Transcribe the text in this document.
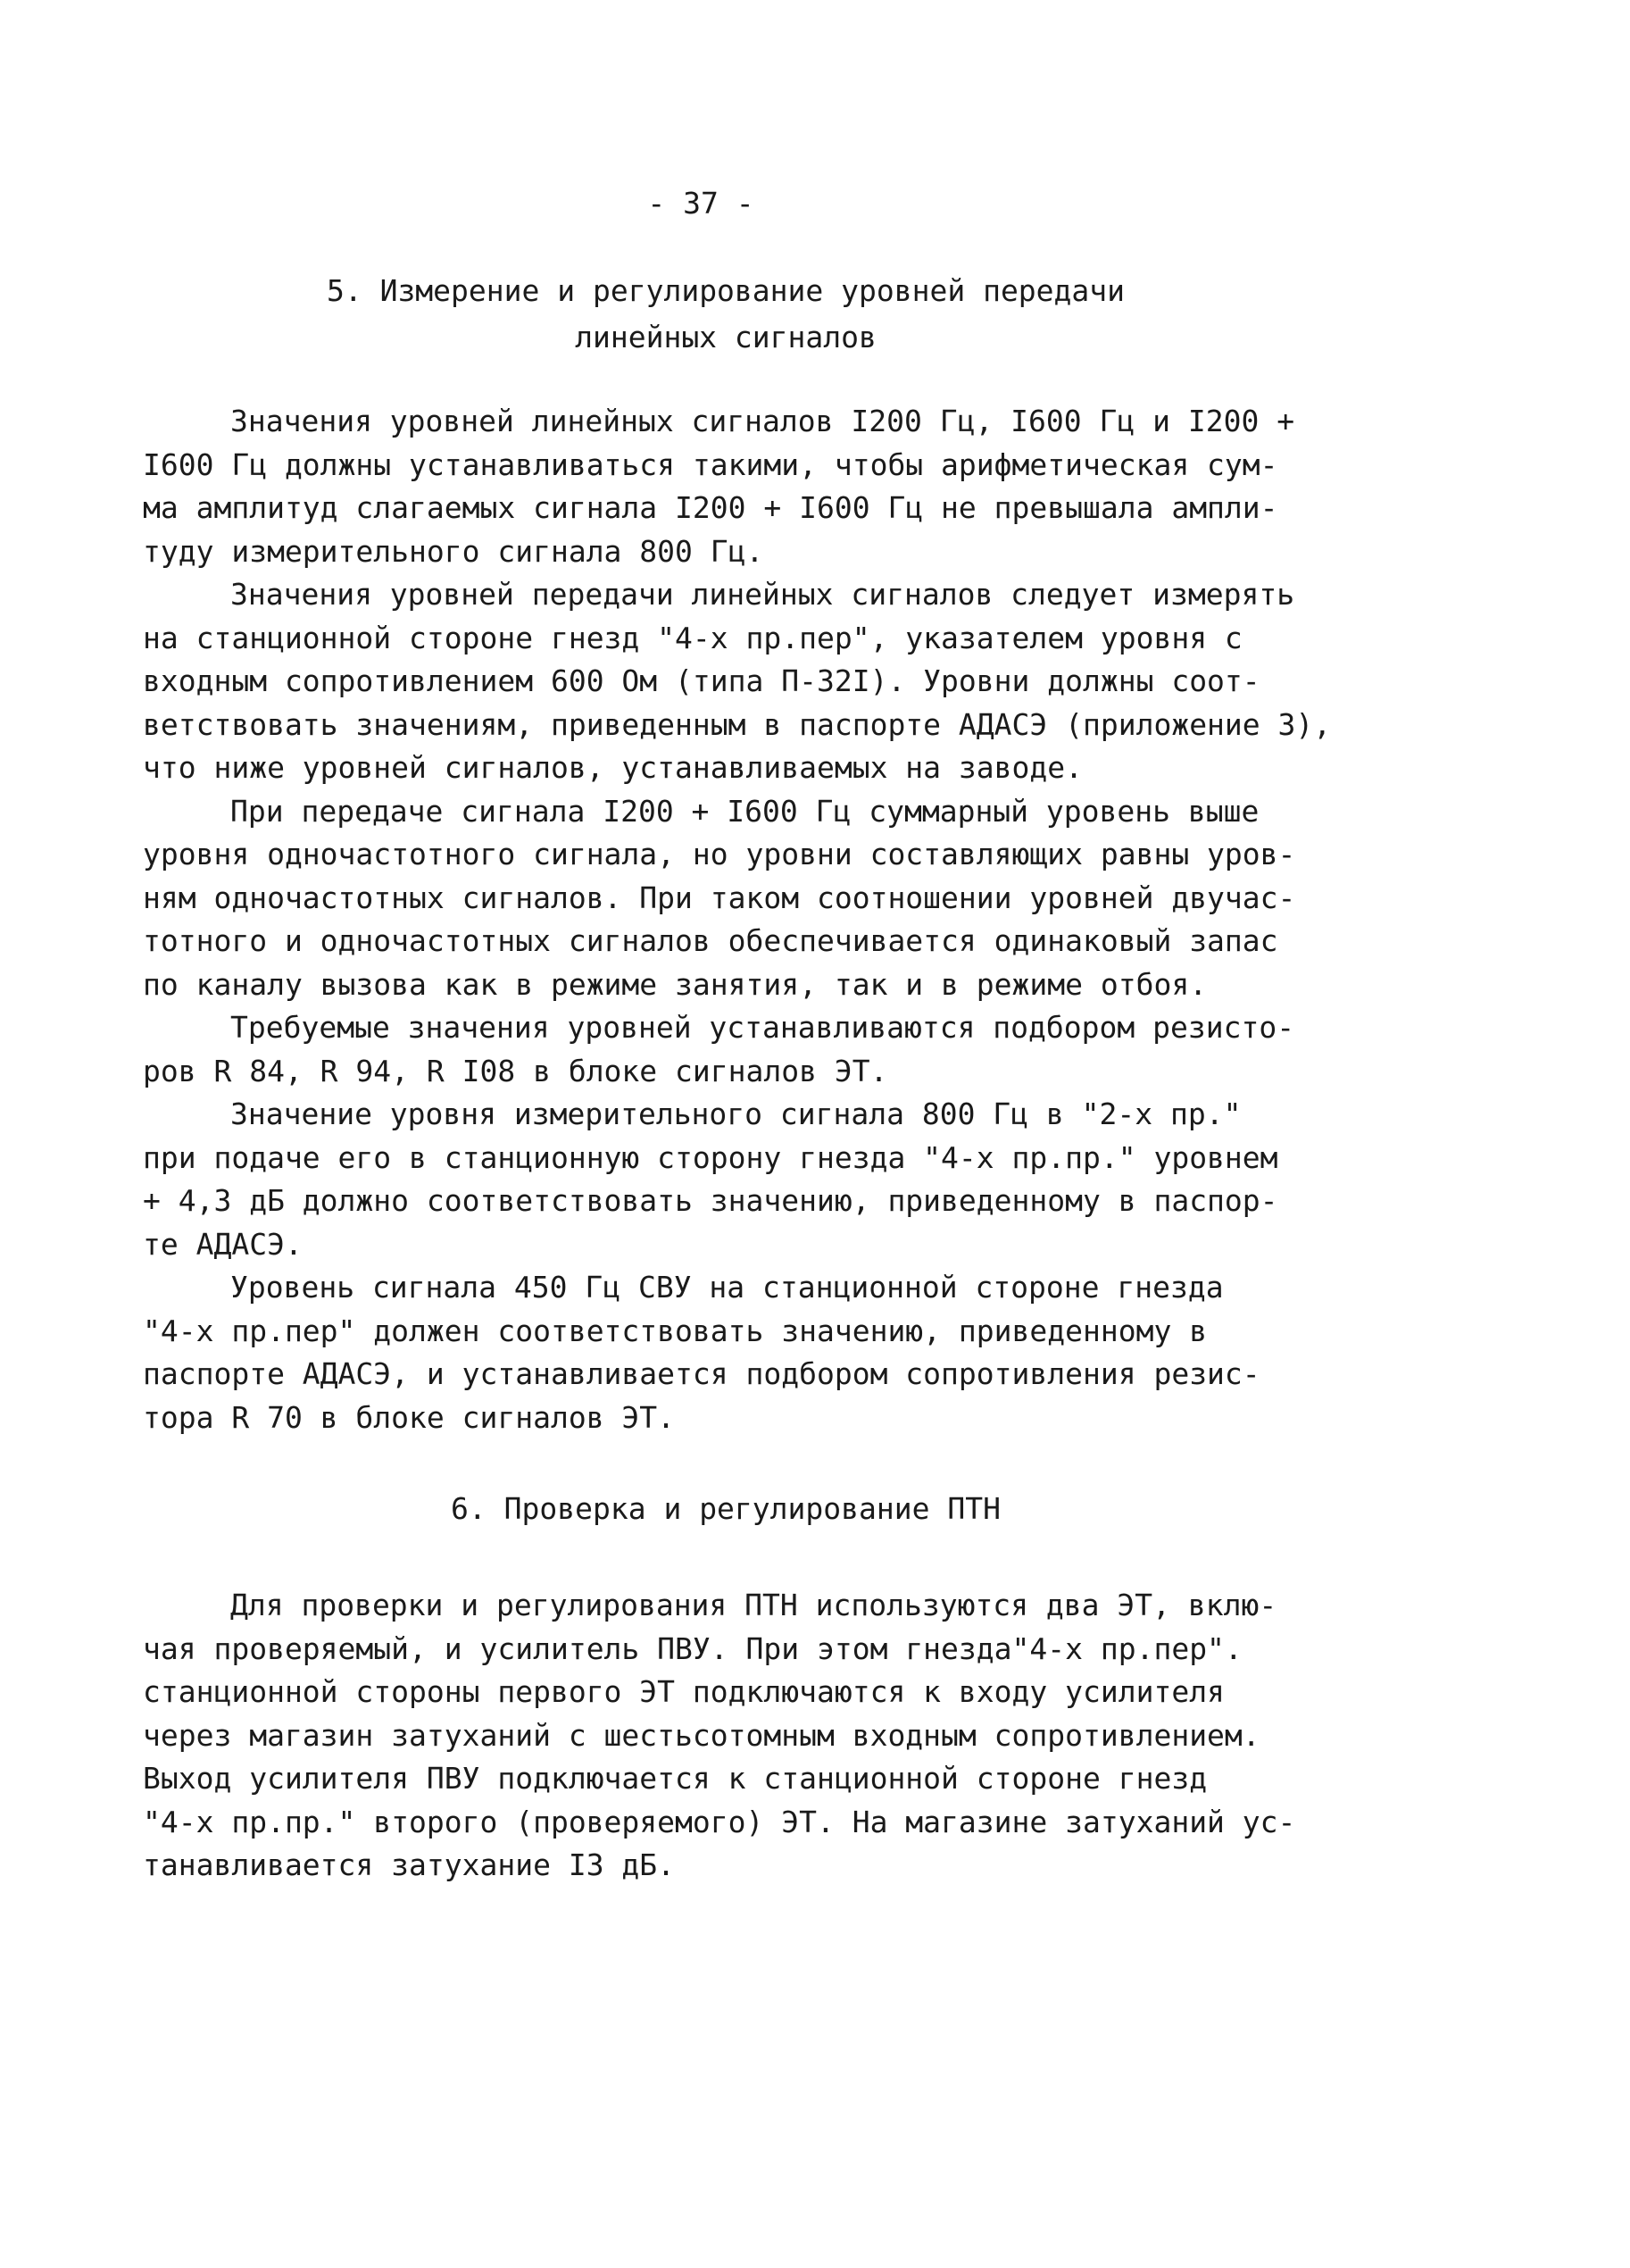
- 37 -
5. Измерение и регулирование уровней передачи
линейных сигналов
Значения уровней линейных сигналов I200 Гц, I600 Гц и I200 +
I600 Гц должны устанавливаться такими, чтобы арифметическая сум-
ма амплитуд слагаемых сигнала I200 + I600 Гц не превышала ампли-
туду измерительного сигнала 800 Гц.
Значения уровней передачи линейных сигналов следует измерять
на станционной стороне гнезд "4-х пр.пер", указателем уровня с
входным сопротивлением 600 Ом (типа П-32I). Уровни должны соот-
ветствовать значениям, приведенным в паспорте АДАСЭ (приложение 3),
что ниже уровней сигналов, устанавливаемых на заводе.
При передаче сигнала I200 + I600 Гц суммарный уровень выше
уровня одночастотного сигнала, но уровни составляющих равны уров-
ням одночастотных сигналов. При таком соотношении уровней двучас-
тотного и одночастотных сигналов обеспечивается одинаковый запас
по каналу вызова как в режиме занятия, так и в режиме отбоя.
Требуемые значения уровней устанавливаются подбором резисто-
ров R 84, R 94, R I08 в блоке сигналов ЭТ.
Значение уровня измерительного сигнала 800 Гц в "2-х пр."
при подаче его в станционную сторону гнезда "4-х пр.пр." уровнем
+ 4,3 дБ должно соответствовать значению, приведенному в паспор-
те АДАСЭ.
Уровень сигнала 450 Гц СВУ на станционной стороне гнезда
"4-х пр.пер" должен соответствовать значению, приведенному в
паспорте АДАСЭ, и устанавливается подбором сопротивления резис-
тора R 70 в блоке сигналов ЭТ.
6. Проверка и регулирование ПТН
Для проверки и регулирования ПТН используются два ЭТ, вклю-
чая проверяемый, и усилитель ПВУ. При этом гнезда"4-х пр.пер".
станционной стороны первого ЭТ подключаются к входу усилителя
через магазин затуханий с шестьсотомным входным сопротивлением.
Выход усилителя ПВУ подключается к станционной стороне гнезд
"4-х пр.пр." второго (проверяемого) ЭТ. На магазине затуханий ус-
танавливается затухание I3 дБ.
